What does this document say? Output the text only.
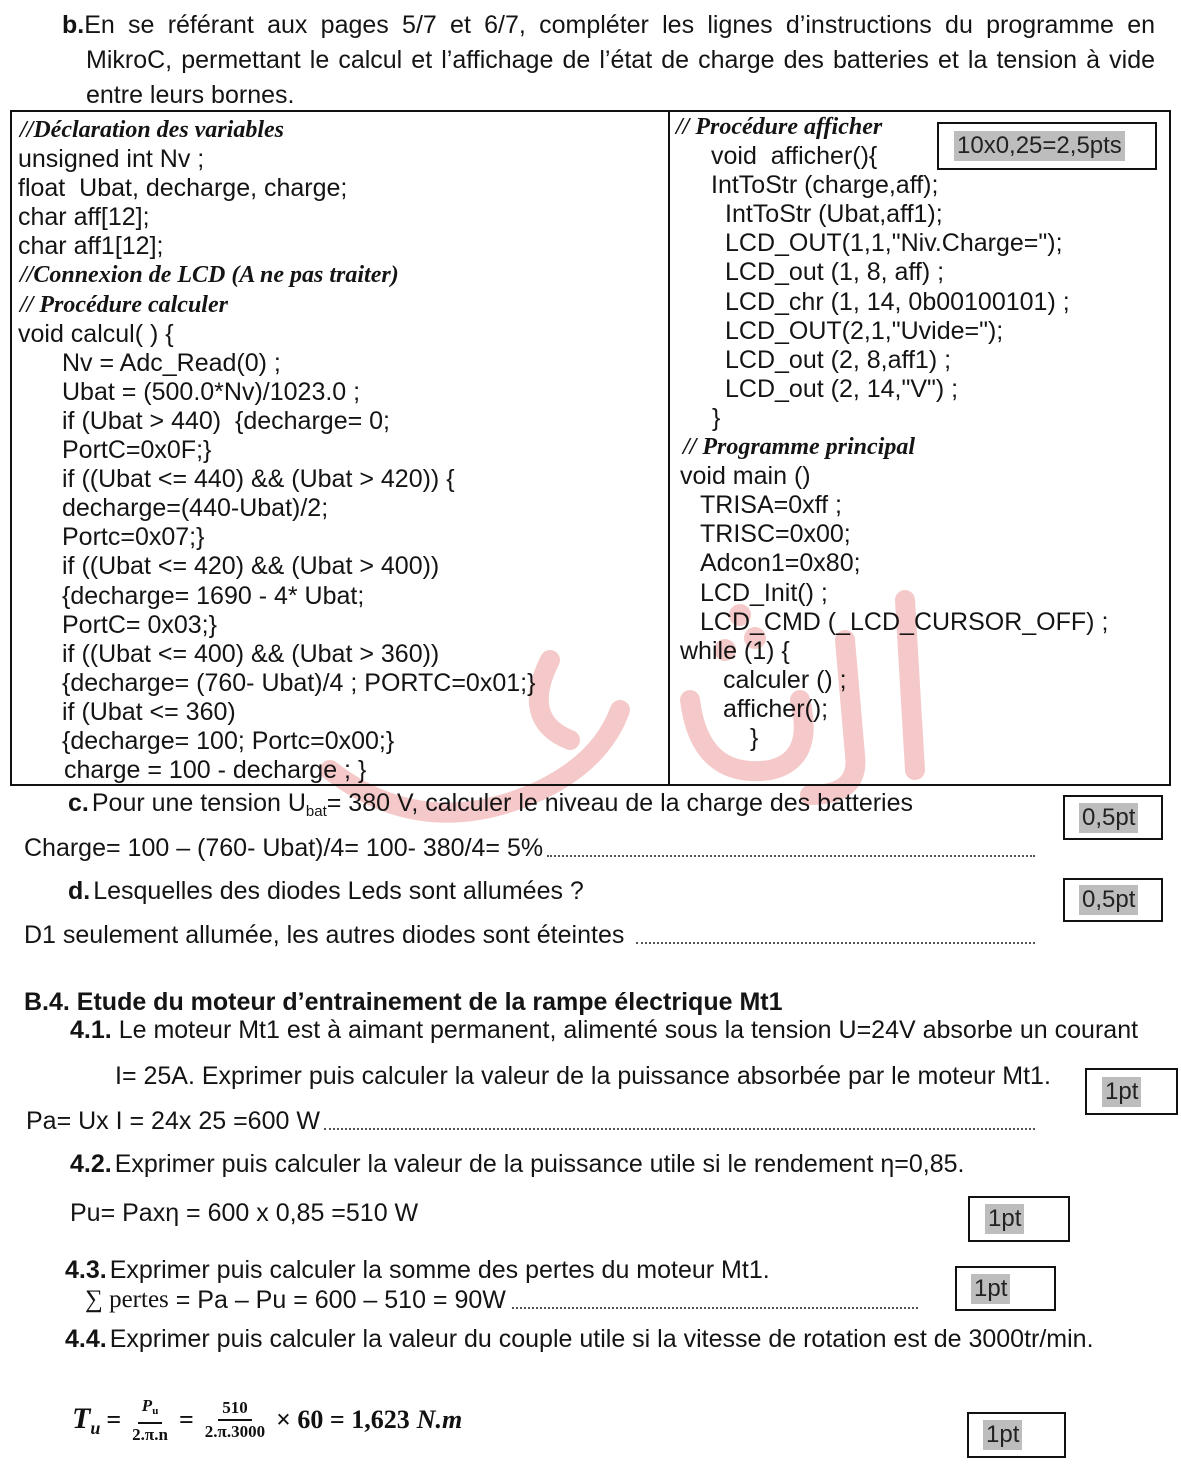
b.En se référant aux pages 5/7 et 6/7, compléter les lignes d’instructions du programme en
MikroC, permettant le calcul et l’affichage de l’état de charge des batteries et la tension à vide
entre leurs bornes.
//Déclaration des variables
unsigned int Nv ;
float  Ubat, decharge, charge;
char aff[12];
char aff1[12];
//Connexion de LCD (A ne pas traiter)
// Procédure calculer
void calcul( ) {
Nv = Adc_Read(0) ;
Ubat = (500.0*Nv)/1023.0 ;
if (Ubat > 440)  {decharge= 0;
PortC=0x0F;}
if ((Ubat <= 440) && (Ubat > 420)) {
decharge=(440-Ubat)/2;
Portc=0x07;}
if ((Ubat <= 420) && (Ubat > 400))
{decharge= 1690 - 4* Ubat;
PortC= 0x03;}
if ((Ubat <= 400) && (Ubat > 360))
{decharge= (760- Ubat)/4 ; PORTC=0x01;}
if (Ubat <= 360)
{decharge= 100; Portc=0x00;}
charge = 100 - decharge ; }
// Procédure afficher
void  afficher(){
IntToStr (charge,aff);
IntToStr (Ubat,aff1);
LCD_OUT(1,1,"Niv.Charge=");
LCD_out (1, 8, aff) ;
LCD_chr (1, 14, 0b00100101) ;
LCD_OUT(2,1,"Uvide=");
LCD_out (2, 8,aff1) ;
LCD_out (2, 14,"V") ;
}
// Programme principal
void main ()
TRISA=0xff ;
TRISC=0x00;
Adcon1=0x80;
LCD_Init() ;
LCD_CMD (_LCD_CURSOR_OFF) ;
while (1) {
calculer () ;
afficher();
}
10x0,25=2,5pts
c. Pour une tension $U_{bat}= 380$ V, calculer le niveau de la charge des batteries	0,5pt
Charge= 100 – (760- Ubat)/4= 100- 380/4= 5%
d. Lesquelles des diodes Leds sont allumées ?	0,5pt
D1 seulement allumée, les autres diodes sont éteintes
B.4. Etude du moteur d’entrainement de la rampe électrique Mt1
4.1. Le moteur Mt1 est à aimant permanent, alimenté sous la tension U=24V absorbe un courant
I= 25A. Exprimer puis calculer la valeur de la puissance absorbée par le moteur Mt1.
1pt
Pa= Ux I = 24x 25 =600 W
4.2. Exprimer puis calculer la valeur de la puissance utile si le rendement η=0,85.
Pu= Paxη = 600 x 0,85 =510 W	1pt
4.3. Exprimer puis calculer la somme des pertes du moteur Mt1.
∑ pertes = Pa – Pu = 600 – 510 = 90W	1pt
4.4. Exprimer puis calculer la valeur du couple utile si la vitesse de rotation est de 3000tr/min.
$T_u = \frac{P_u}{2.\pi.n} = \frac{510}{2.\pi.3000} \times 60 = 1,623$ N.m
1pt
